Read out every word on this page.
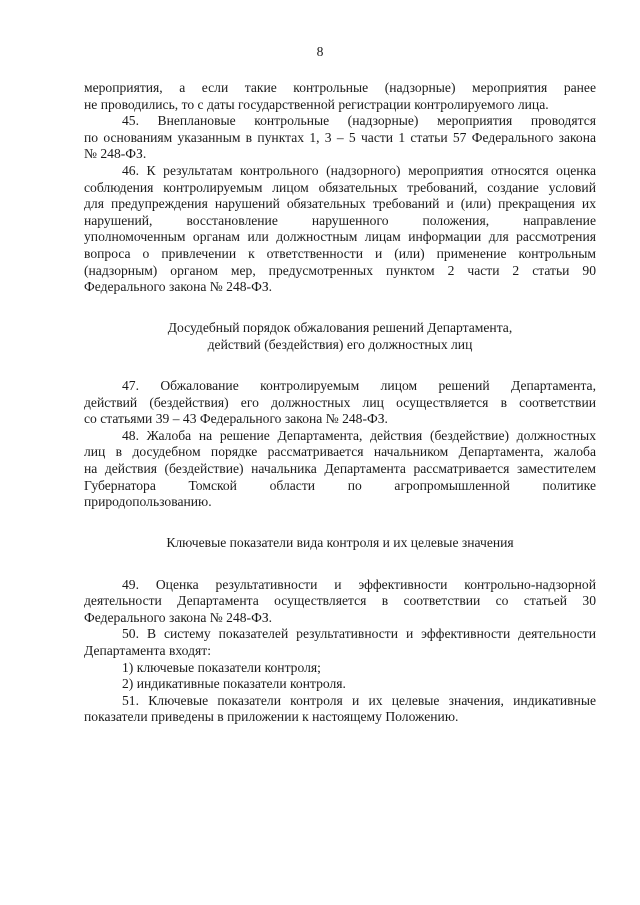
8
мероприятия, а если такие контрольные (надзорные) мероприятия ранее
не проводились, то с даты государственной регистрации контролируемого лица.
45. Внеплановые контрольные (надзорные) мероприятия проводятся
по основаниям указанным в пунктах 1, 3 – 5 части 1 статьи 57 Федерального закона
№ 248-ФЗ.
46. К результатам контрольного (надзорного) мероприятия относятся оценка
соблюдения контролируемым лицом обязательных требований, создание условий
для предупреждения нарушений обязательных требований и (или) прекращения их
нарушений, восстановление нарушенного положения, направление
уполномоченным органам или должностным лицам информации для рассмотрения
вопроса о привлечении к ответственности и (или) применение контрольным
(надзорным) органом мер, предусмотренных пунктом 2 части 2 статьи 90
Федерального закона № 248-ФЗ.
Досудебный порядок обжалования решений Департамента,
действий (бездействия) его должностных лиц
47. Обжалование контролируемым лицом решений Департамента,
действий (бездействия) его должностных лиц осуществляется в соответствии
со статьями 39 – 43 Федерального закона № 248-ФЗ.
48. Жалоба на решение Департамента, действия (бездействие) должностных
лиц в досудебном порядке рассматривается начальником Департамента, жалоба
на действия (бездействие) начальника Департамента рассматривается заместителем
Губернатора Томской области по агропромышленной политике
природопользованию.
Ключевые показатели вида контроля и их целевые значения
49. Оценка результативности и эффективности контрольно-надзорной
деятельности Департамента осуществляется в соответствии со статьей 30
Федерального закона № 248-ФЗ.
50. В систему показателей результативности и эффективности деятельности
Департамента входят:
1) ключевые показатели контроля;
2) индикативные показатели контроля.
51. Ключевые показатели контроля и их целевые значения, индикативные
показатели приведены в приложении к настоящему Положению.
